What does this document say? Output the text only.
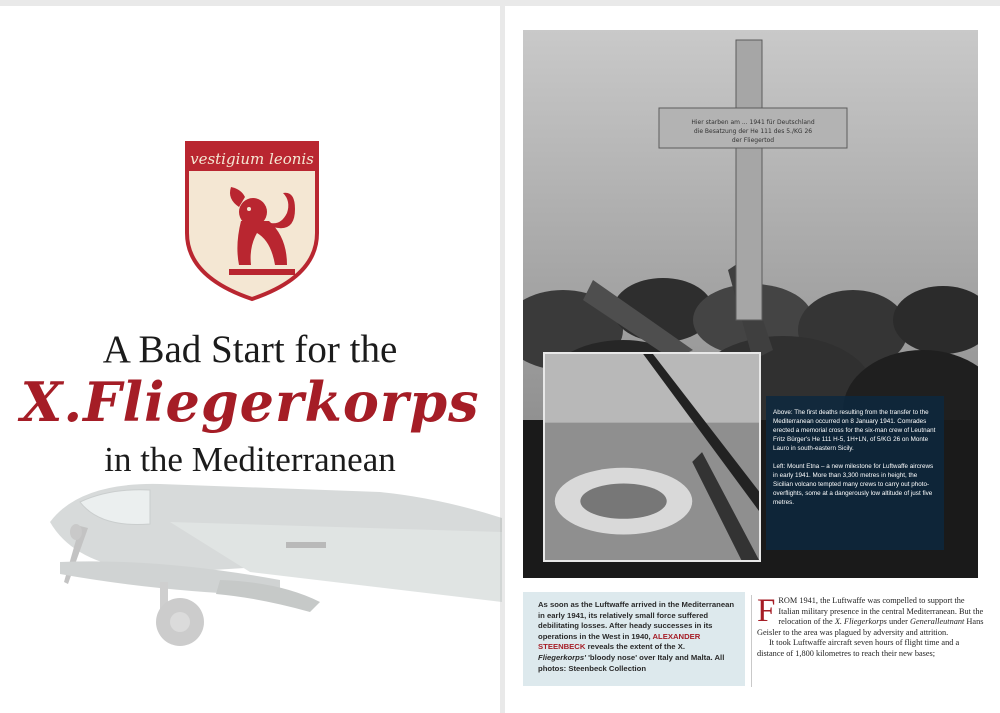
vestigium leonis
A Bad Start for the
X.Fliegerkorps
in the Mediterranean
Hier starben am ... 1941 für Deutschland
die Besatzung der He 111 des 5./KG 26
der Fliegertod

Above: The first deaths resulting from the transfer to the Mediterranean occurred on 8 January 1941. Comrades erected a memorial cross for the six-man crew of Leutnant Fritz Bürger's He 111 H-5, 1H+LN, of 5/KG 26 on Monte Lauro in south-eastern Sicily.

Left: Mount Etna – a new milestone for Luftwaffe aircrews in early 1941. More than 3,300 metres in height, the Sicilian volcano tempted many crews to carry out photo-overflights, some at a dangerously low altitude of just five metres.

As soon as the Luftwaffe arrived in the Mediterranean in early 1941, its relatively small force suffered debilitating losses. After heady successes in its operations in the West in 1940, ALEXANDER STEENBECK reveals the extent of the X. Fliegerkorps' 'bloody nose' over Italy and Malta. All photos: Steenbeck Collection

FROM 1941, the Luftwaffe was compelled to support the Italian military presence in the central Mediterranean. But the relocation of the X. Fliegerkorps under Generalleutnant Hans Geisler to the area was plagued by adversity and attrition.

It took Luftwaffe aircraft seven hours of flight time and a distance of 1,800 kilometres to reach their new bases;
